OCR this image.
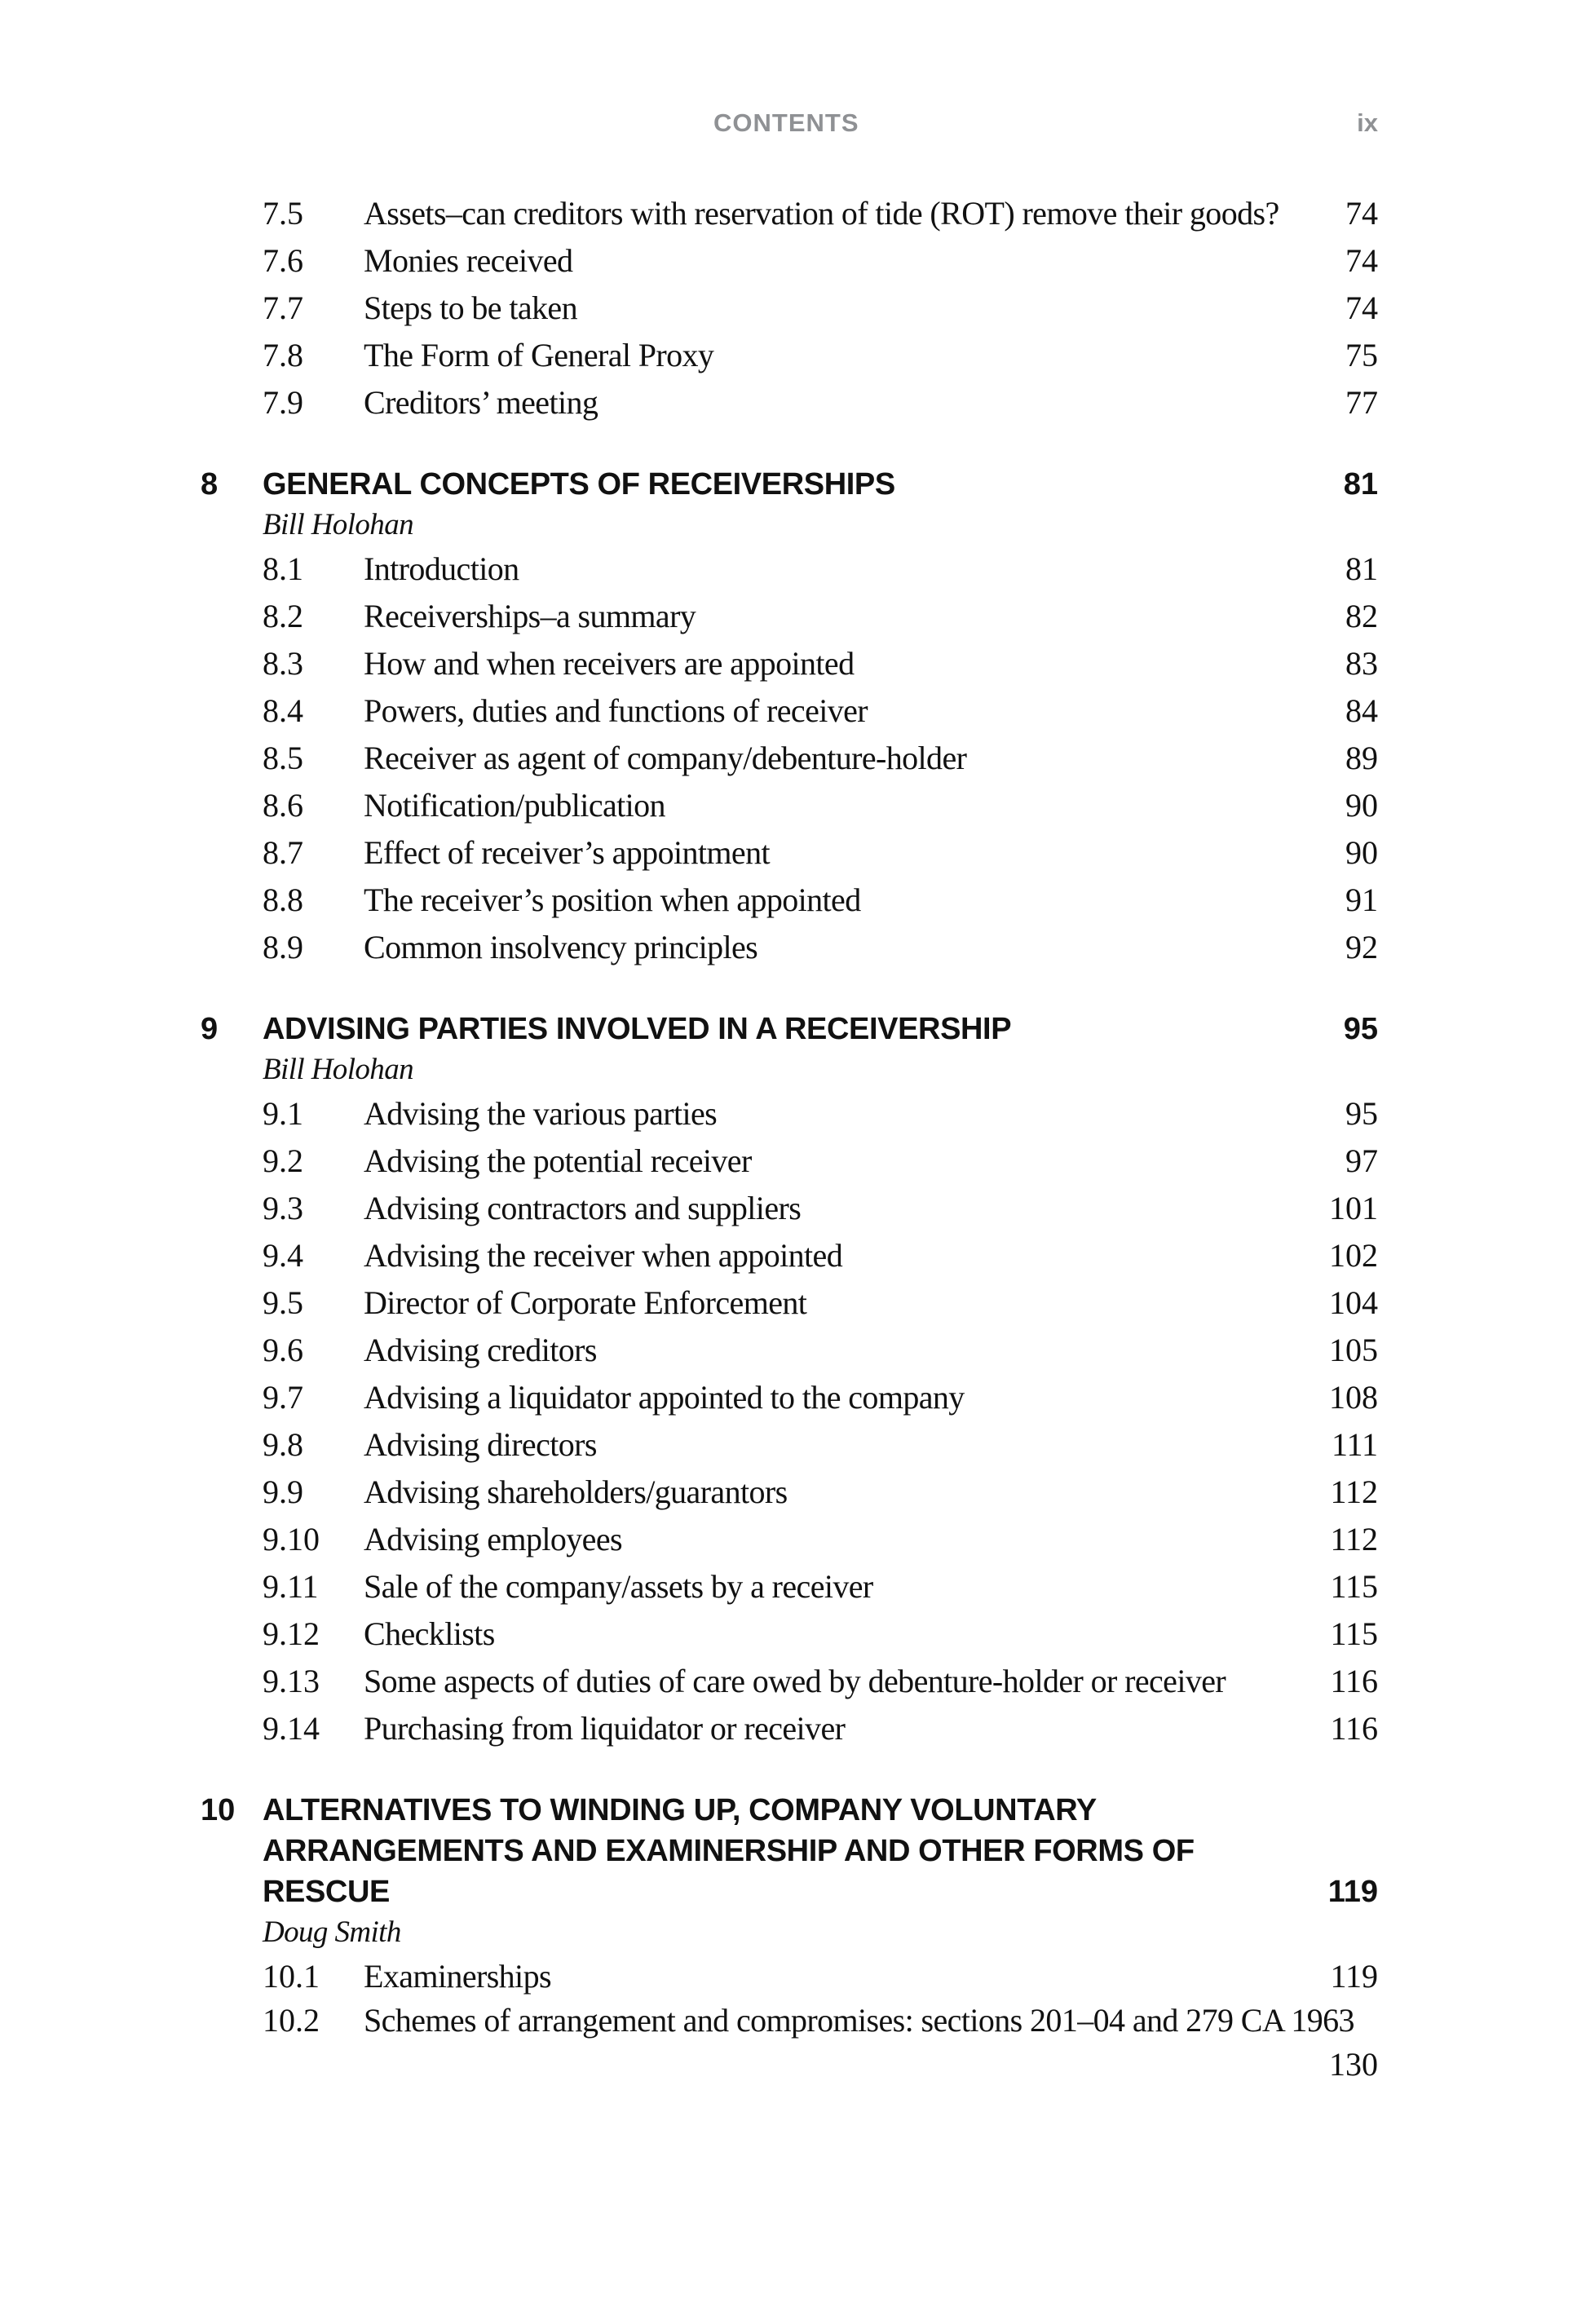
CONTENTS	ix
7.5 Assets–can creditors with reservation of tide (ROT) remove their goods? 74
7.6 Monies received	74
7.7 Steps to be taken	74
7.8 The Form of General Proxy	75
7.9 Creditors’ meeting	77
8 GENERAL CONCEPTS OF RECEIVERSHIPS	81
Bill Holohan
8.1 Introduction	81
8.2 Receiverships–a summary	82
8.3 How and when receivers are appointed	83
8.4 Powers, duties and functions of receiver	84
8.5 Receiver as agent of company/debenture-holder	89
8.6 Notification/publication	90
8.7 Effect of receiver’s appointment	90
8.8 The receiver’s position when appointed	91
8.9 Common insolvency principles	92
9 ADVISING PARTIES INVOLVED IN A RECEIVERSHIP	95
Bill Holohan
9.1 Advising the various parties	95
9.2 Advising the potential receiver	97
9.3 Advising contractors and suppliers	101
9.4 Advising the receiver when appointed	102
9.5 Director of Corporate Enforcement	104
9.6 Advising creditors	105
9.7 Advising a liquidator appointed to the company	108
9.8 Advising directors	111
9.9 Advising shareholders/guarantors	112
9.10 Advising employees	112
9.11 Sale of the company/assets by a receiver	115
9.12 Checklists	115
9.13 Some aspects of duties of care owed by debenture-holder or receiver	116
9.14 Purchasing from liquidator or receiver	116
10 ALTERNATIVES TO WINDING UP, COMPANY VOLUNTARY ARRANGEMENTS AND EXAMINERSHIP AND OTHER FORMS OF RESCUE	119
Doug Smith
10.1 Examinerships	119
10.2 Schemes of arrangement and compromises: sections 201–04 and 279 CA 1963
130
